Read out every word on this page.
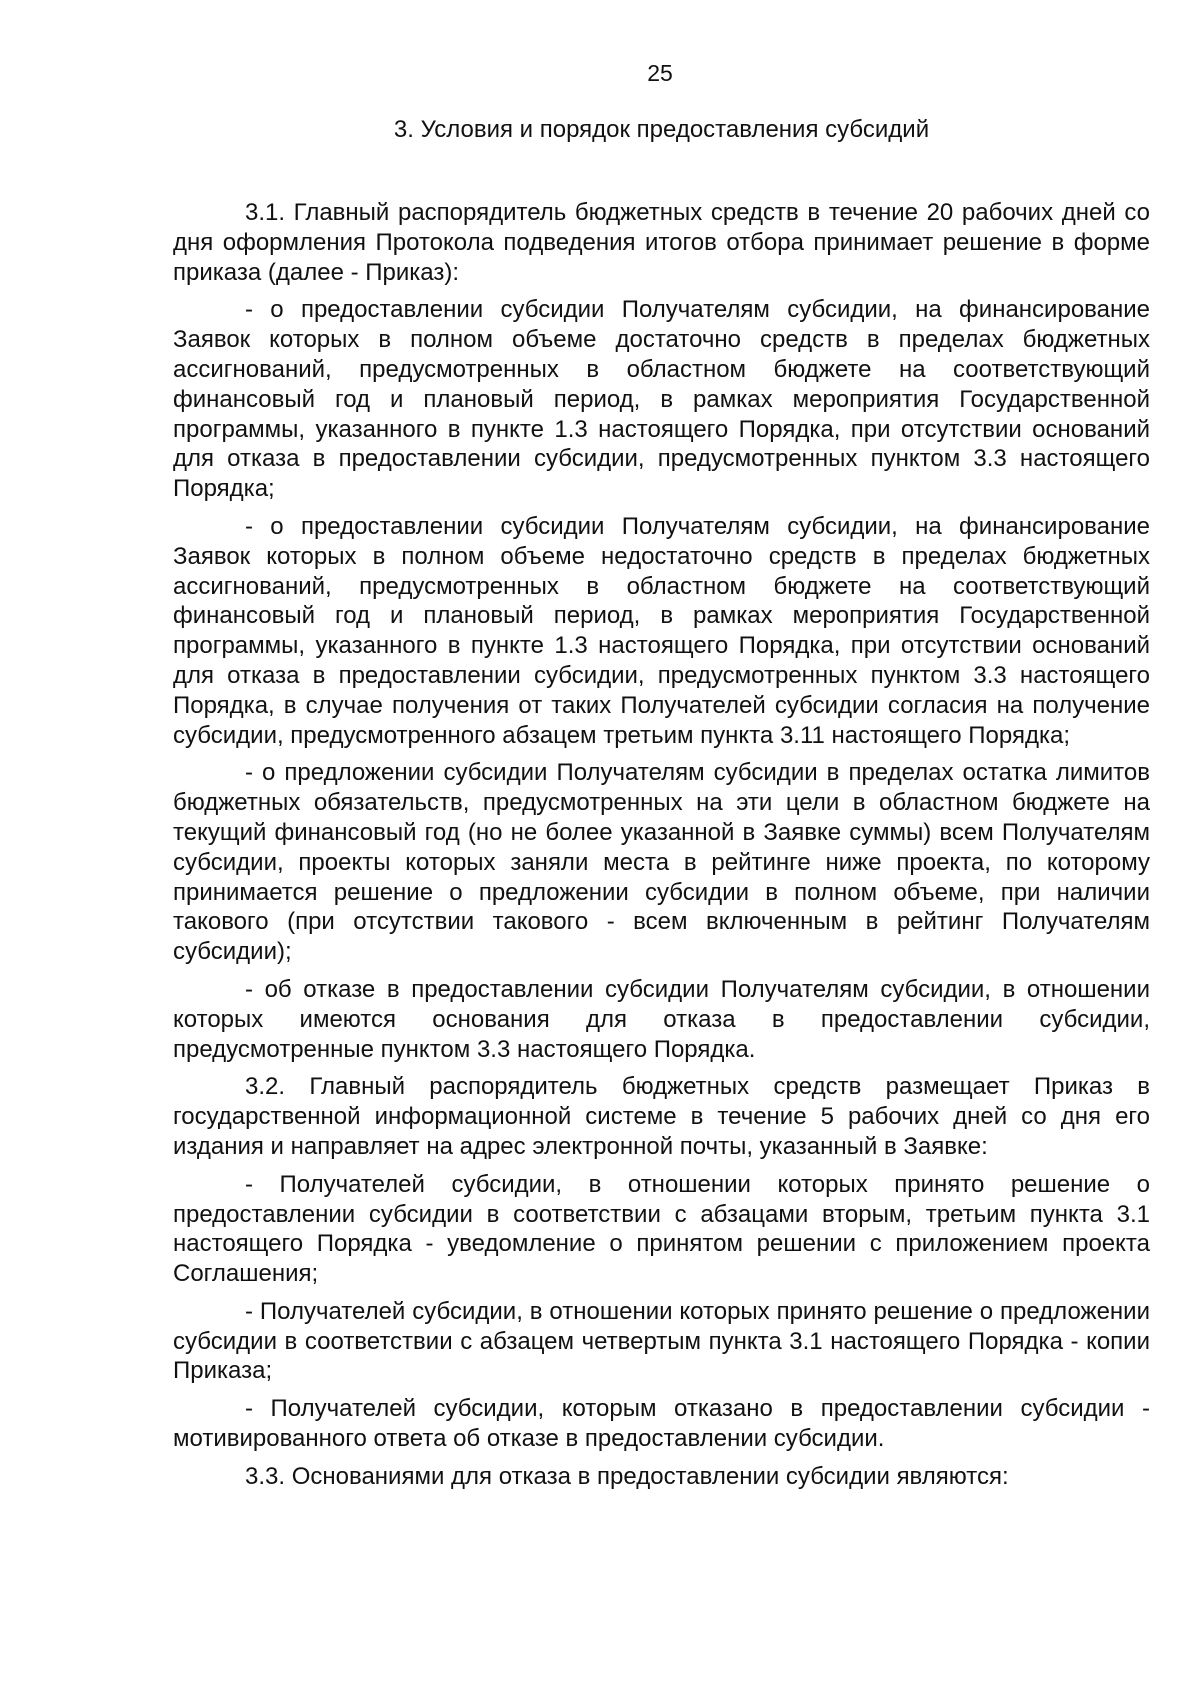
25
3. Условия и порядок предоставления субсидий

3.1. Главный распорядитель бюджетных средств в течение 20 рабочих дней со дня оформления Протокола подведения итогов отбора принимает решение в форме приказа (далее - Приказ):

- о предоставлении субсидии Получателям субсидии, на финансирование Заявок которых в полном объеме достаточно средств в пределах бюджетных ассигнований, предусмотренных в областном бюджете на соответствующий финансовый год и плановый период, в рамках мероприятия Государственной программы, указанного в пункте 1.3 настоящего Порядка, при отсутствии оснований для отказа в предоставлении субсидии, предусмотренных пунктом 3.3 настоящего Порядка;

- о предоставлении субсидии Получателям субсидии, на финансирование Заявок которых в полном объеме недостаточно средств в пределах бюджетных ассигнований, предусмотренных в областном бюджете на соответствующий финансовый год и плановый период, в рамках мероприятия Государственной программы, указанного в пункте 1.3 настоящего Порядка, при отсутствии оснований для отказа в предоставлении субсидии, предусмотренных пунктом 3.3 настоящего Порядка, в случае получения от таких Получателей субсидии согласия на получение субсидии, предусмотренного абзацем третьим пункта 3.11 настоящего Порядка;

- о предложении субсидии Получателям субсидии в пределах остатка лимитов бюджетных обязательств, предусмотренных на эти цели в областном бюджете на текущий финансовый год (но не более указанной в Заявке суммы) всем Получателям субсидии, проекты которых заняли места в рейтинге ниже проекта, по которому принимается решение о предложении субсидии в полном объеме, при наличии такового (при отсутствии такового - всем включенным в рейтинг Получателям субсидии);

- об отказе в предоставлении субсидии Получателям субсидии, в отношении которых имеются основания для отказа в предоставлении субсидии, предусмотренные пунктом 3.3 настоящего Порядка.

3.2. Главный распорядитель бюджетных средств размещает Приказ в государственной информационной системе в течение 5 рабочих дней со дня его издания и направляет на адрес электронной почты, указанный в Заявке:

- Получателей субсидии, в отношении которых принято решение о предоставлении субсидии в соответствии с абзацами вторым, третьим пункта 3.1 настоящего Порядка - уведомление о принятом решении с приложением проекта Соглашения;

- Получателей субсидии, в отношении которых принято решение о предложении субсидии в соответствии с абзацем четвертым пункта 3.1 настоящего Порядка - копии Приказа;

- Получателей субсидии, которым отказано в предоставлении субсидии - мотивированного ответа об отказе в предоставлении субсидии.

3.3. Основаниями для отказа в предоставлении субсидии являются:
